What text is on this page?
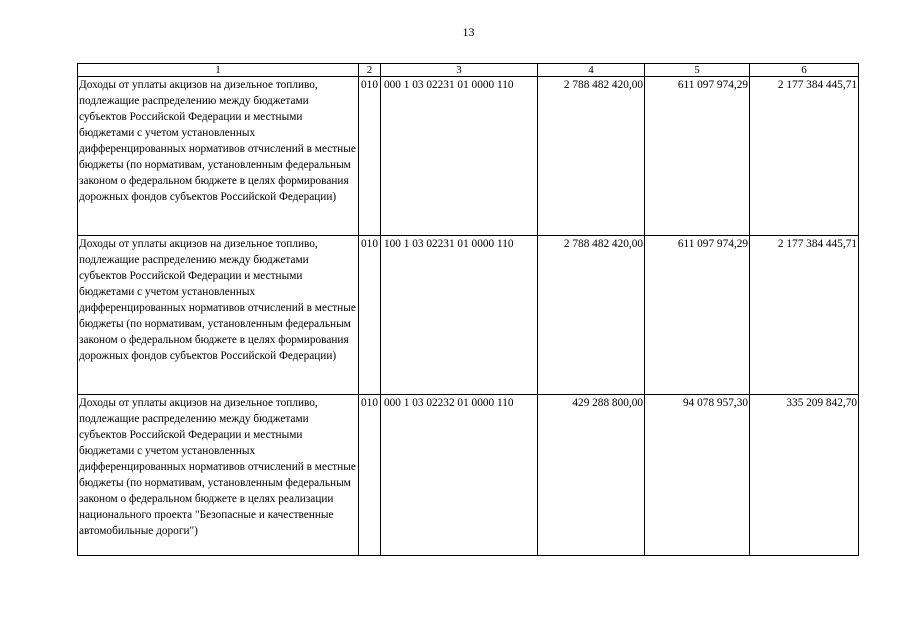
13
1	2	3	4	5	6

Доходы от уплаты акцизов на дизельное топливо, подлежащие распределению между бюджетами субъектов Российской Федерации и местными бюджетами с учетом установленных дифференцированных нормативов отчислений в местные бюджеты (по нормативам, установленным федеральным законом о федеральном бюджете в целях формирования дорожных фондов субъектов Российской Федерации)	010	000 1 03 02231 01 0000 110	2 788 482 420,00	611 097 974,29	2 177 384 445,71

Доходы от уплаты акцизов на дизельное топливо, подлежащие распределению между бюджетами субъектов Российской Федерации и местными бюджетами с учетом установленных дифференцированных нормативов отчислений в местные бюджеты (по нормативам, установленным федеральным законом о федеральном бюджете в целях формирования дорожных фондов субъектов Российской Федерации)	010	100 1 03 02231 01 0000 110	2 788 482 420,00	611 097 974,29	2 177 384 445,71

Доходы от уплаты акцизов на дизельное топливо, подлежащие распределению между бюджетами субъектов Российской Федерации и местными бюджетами с учетом установленных дифференцированных нормативов отчислений в местные бюджеты (по нормативам, установленным федеральным законом о федеральном бюджете в целях реализации национального проекта "Безопасные и качественные автомобильные дороги")	010	000 1 03 02232 01 0000 110	429 288 800,00	94 078 957,30	335 209 842,70
